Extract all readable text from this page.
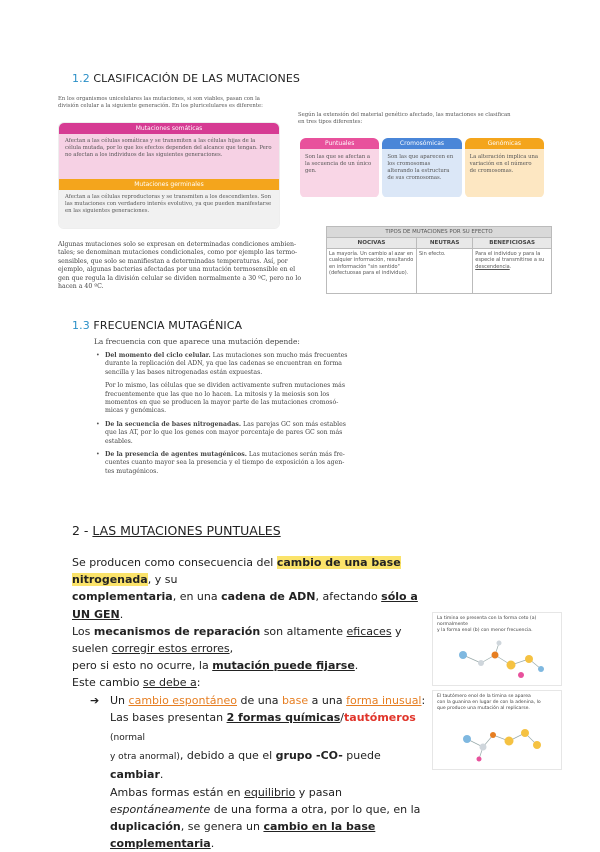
1.2 CLASIFICACIÓN DE LAS MUTACIONES
En los organismos unicelulares las mutaciones, si son viables, pasan con la
división celular a la siguiente generación. En los pluricelulares es diferente:
Mutaciones somáticas
Afectan a las células somáticas y se transmiten a las células hijas de la célula mutada, por lo que los efectos dependen del alcance que tengan. Pero no afectan a los individuos de las siguientes generaciones.
Mutaciones germinales
Afectan a las células reproductoras y se transmiten a los descendientes. Son las mutaciones con verdadero interés evolutivo, ya que pueden manifestarse en las siguientes generaciones.
Según la extensión del material genético afectado, las mutaciones se clasifican
en tres tipos diferentes:
Puntuales
Son las que se afectan a la secuencia de un único gen.
Cromosómicas
Son las que aparecen en los cromosomas alterando la estructura de sus cromosomas.
Genómicas
La alteración implica una variación en el número de cromosomas.
TIPOS DE MUTACIONES POR SU EFECTO
NOCIVAS	NEUTRAS	BENEFICIOSAS
La mayoría. Un cambio al azar en cualquier información, resultando en información "sin sentido" (defectuosas para el individuo).	Sin efecto.	Para el individuo y para la especie al transmitirse a su descendencia.
Algunas mutaciones solo se expresan en determinadas condiciones ambien-
tales; se denominan mutaciones condicionales, como por ejemplo las termo-
sensibles, que solo se manifiestan a determinadas temperaturas. Así, por
ejemplo, algunas bacterias afectadas por una mutación termosensible en el
gen que regula la división celular se dividen normalmente a 30 ºC, pero no lo
hacen a 40 ºC.
1.3 FRECUENCIA MUTAGÉNICA
La frecuencia con que aparece una mutación depende:
• Del momento del ciclo celular. Las mutaciones son mucho más frecuentes
durante la replicación del ADN, ya que las cadenas se encuentran en forma
sencilla y las bases nitrogenadas están expuestas.
Por lo mismo, las células que se dividen activamente sufren mutaciones más
frecuentemente que las que no lo hacen. La mitosis y la meiosis son los
momentos en que se producen la mayor parte de las mutaciones cromosó-
micas y genómicas.
• De la secuencia de bases nitrogenadas. Las parejas GC son más estables
que las AT, por lo que los genes con mayor porcentaje de pares GC son más
estables.
• De la presencia de agentes mutagénicos. Las mutaciones serán más fre-
cuentes cuanto mayor sea la presencia y el tiempo de exposición a los agen-
tes mutagénicos.
2 - LAS MUTACIONES PUNTUALES
Se producen como consecuencia del cambio de una base nitrogenada, y su
complementaria, en una cadena de ADN, afectando sólo a UN GEN.
Los mecanismos de reparación son altamente eficaces y suelen corregir estos errores,
pero si esto no ocurre, la mutación puede fijarse.
Este cambio se debe a:
➔ Un cambio espontáneo de una base a una forma inusual:
Las bases presentan 2 formas químicas/tautómeros (normal
y otra anormal), debido a que el grupo -CO- puede cambiar.
Ambas formas están en equilibrio y pasan
espontáneamente de una forma a otra, por lo que, en la
duplicación, se genera un cambio en la base
complementaria.
La timina se presenta con la forma ceto (a) normalmente
y la forma enol (b) con menor frecuencia.
El tautómero enol de la timina se aparea
con la guanina en lugar de con la adenina, lo
que produce una mutación al replicarse.
